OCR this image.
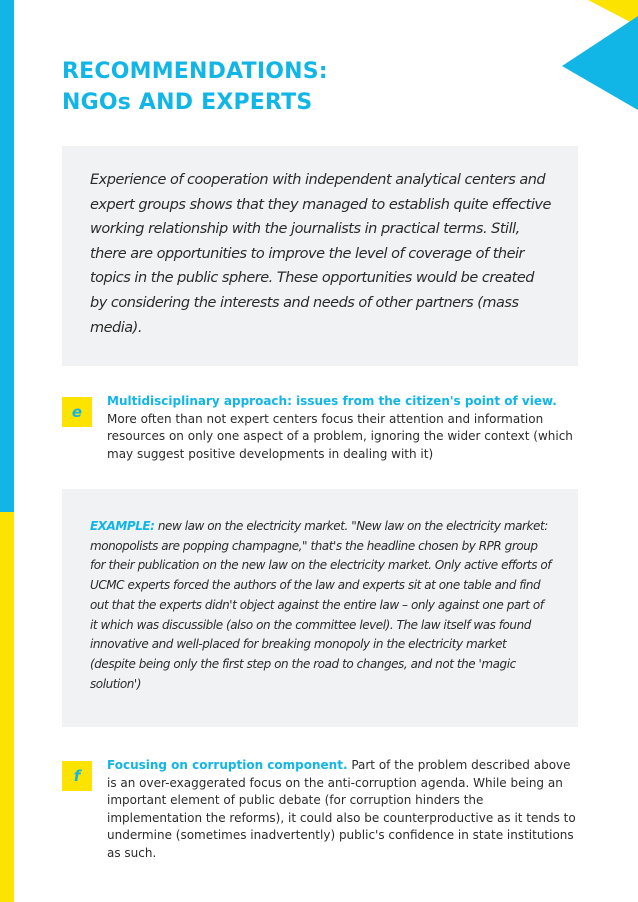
RECOMMENDATIONS:
NGOs AND EXPERTS

Experience of cooperation with independent analytical centers and expert groups shows that they managed to establish quite effective working relationship with the journalists in practical terms. Still, there are opportunities to improve the level of coverage of their topics in the public sphere. These opportunities would be created by considering the interests and needs of other partners (mass media).

e

Multidisciplinary approach: issues from the citizen's point of view. More often than not expert centers focus their attention and information resources on only one aspect of a problem, ignoring the wider context (which may suggest positive developments in dealing with it)

EXAMPLE: new law on the electricity market. "New law on the electricity market: monopolists are popping champagne," that's the headline chosen by RPR group for their publication on the new law on the electricity market. Only active efforts of UCMC experts forced the authors of the law and experts sit at one table and find out that the experts didn't object against the entire law – only against one part of it which was discussible (also on the committee level). The law itself was found innovative and well-placed for breaking monopoly in the electricity market (despite being only the first step on the road to changes, and not the 'magic solution')

f

Focusing on corruption component. Part of the problem described above is an over-exaggerated focus on the anti-corruption agenda. While being an important element of public debate (for corruption hinders the implementation the reforms), it could also be counterproductive as it tends to undermine (sometimes inadvertently) public's confidence in state institutions as such.
